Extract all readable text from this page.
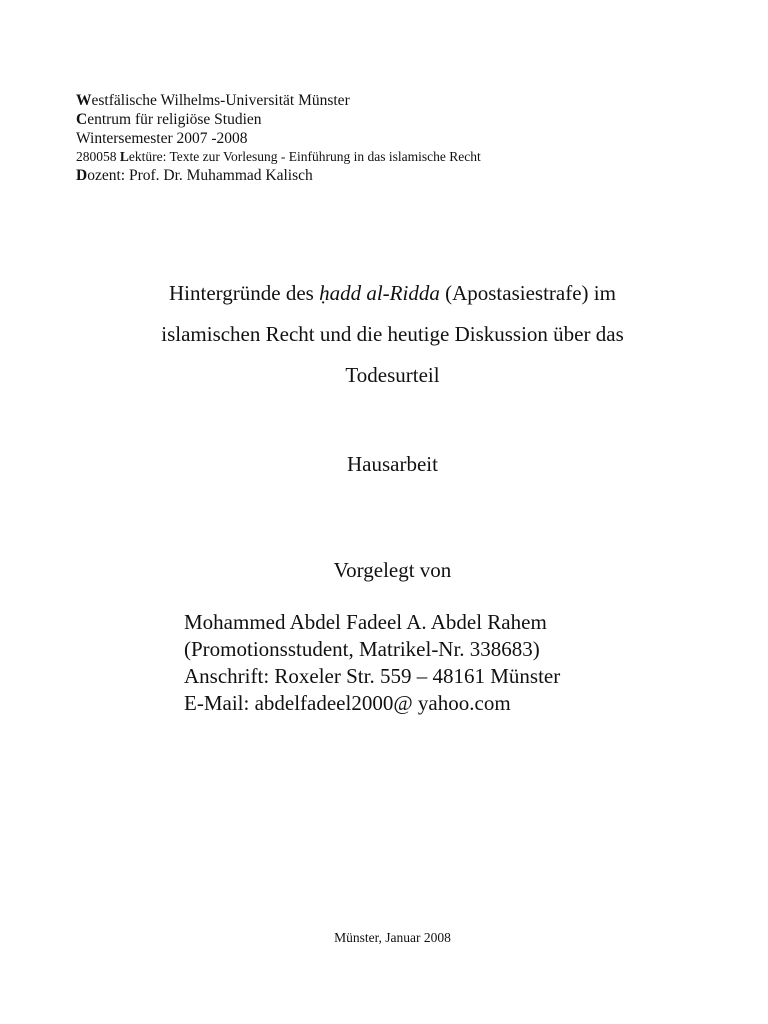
Westfälische Wilhelms-Universität Münster
Centrum für religiöse Studien
Wintersemester 2007 -2008
280058 Lektüre: Texte zur Vorlesung - Einführung in das islamische Recht
Dozent: Prof. Dr. Muhammad Kalisch
Hintergründe des ḥadd al-Ridda (Apostasiestrafe) im
islamischen Recht und die heutige Diskussion über das
Todesurteil
Hausarbeit
Vorgelegt von
Mohammed Abdel Fadeel A. Abdel Rahem
(Promotionsstudent, Matrikel-Nr. 338683)
Anschrift: Roxeler Str. 559 – 48161 Münster
E-Mail: abdelfadeel2000@ yahoo.com
Münster, Januar 2008
